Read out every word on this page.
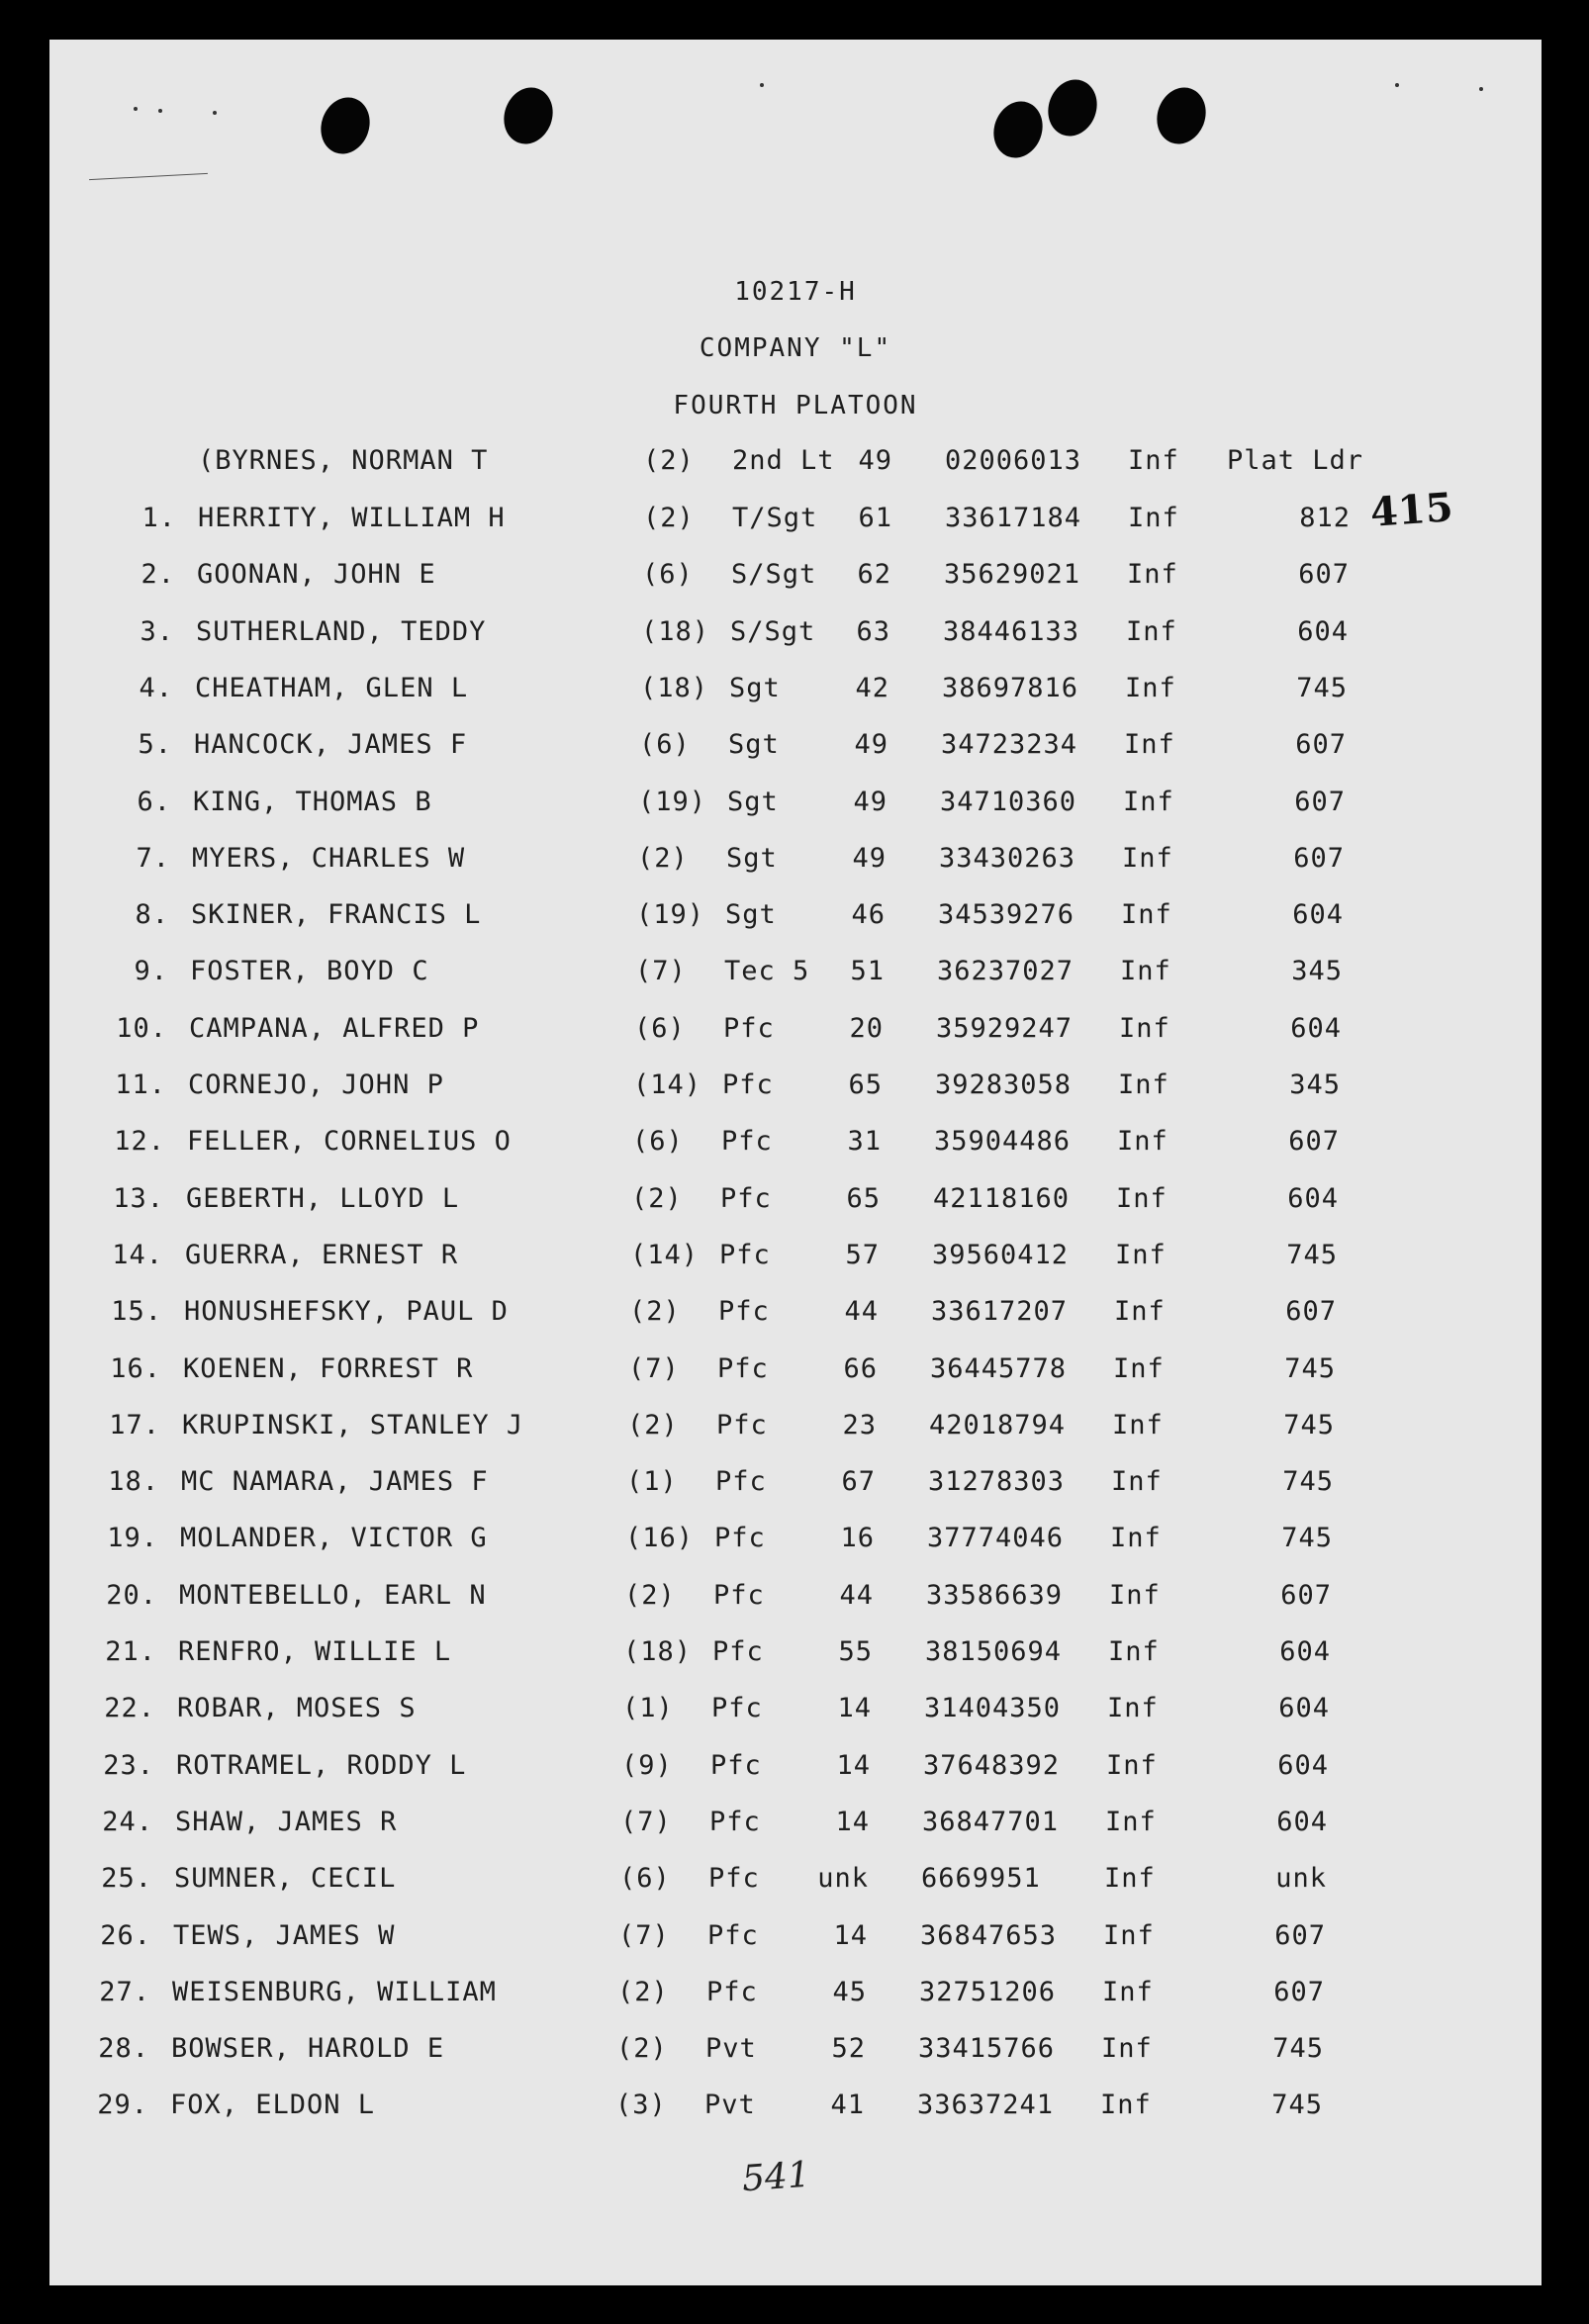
10217-H
COMPANY "L"
FOURTH PLATOON
415
(BYRNES, NORMAN T	(2) 2nd Lt 49 02006013 Inf Plat Ldr
1. HERRITY, WILLIAM H	(2) T/Sgt	61 33617184 Inf	812
2. GOONAN, JOHN E	(6) S/Sgt	62 35629021 Inf	607
3. SUTHERLAND, TEDDY	(18) S/Sgt	63 38446133 Inf	604
4. CHEATHAM, GLEN L	(18) Sgt	42 38697816 Inf	745
5. HANCOCK, JAMES F	(6) Sgt	49 34723234 Inf	607
6. KING, THOMAS B	(19) Sgt	49 34710360 Inf	607
7. MYERS, CHARLES W	(2) Sgt	49 33430263 Inf	607
8. SKINER, FRANCIS L	(19) Sgt	46 34539276 Inf	604
9. FOSTER, BOYD C	(7) Tec 5	51 36237027 Inf	345
10. CAMPANA, ALFRED P	(6) Pfc	20 35929247 Inf	604
11. CORNEJO, JOHN P	(14) Pfc	65 39283058 Inf	345
12. FELLER, CORNELIUS O	(6) Pfc	31 35904486 Inf	607
13. GEBERTH, LLOYD L	(2) Pfc	65 42118160 Inf	604
14. GUERRA, ERNEST R	(14) Pfc	57 39560412 Inf	745
15. HONUSHEFSKY, PAUL D	(2) Pfc	44 33617207 Inf	607
16. KOENEN, FORREST R	(7) Pfc	66 36445778 Inf	745
17. KRUPINSKI, STANLEY J	(2) Pfc	23 42018794 Inf	745
18. MC NAMARA, JAMES F	(1) Pfc	67 31278303 Inf	745
19. MOLANDER, VICTOR G	(16) Pfc	16 37774046 Inf	745
20. MONTEBELLO, EARL N	(2) Pfc	44 33586639 Inf	607
21. RENFRO, WILLIE L	(18) Pfc	55 38150694 Inf	604
22. ROBAR, MOSES S	(1) Pfc	14 31404350 Inf	604
23. ROTRAMEL, RODDY L	(9) Pfc	14 37648392 Inf	604
24. SHAW, JAMES R	(7) Pfc	14 36847701 Inf	604
25. SUMNER, CECIL	(6) Pfc unk 6669951 Inf	unk
26. TEWS, JAMES W	(7) Pfc	14 36847653 Inf	607
27. WEISENBURG, WILLIAM	(2) Pfc	45 32751206 Inf	607
28. BOWSER, HAROLD E	(2) Pvt	52 33415766 Inf	745
29. FOX, ELDON L	(3) Pvt	41 33637241 Inf	745
541
